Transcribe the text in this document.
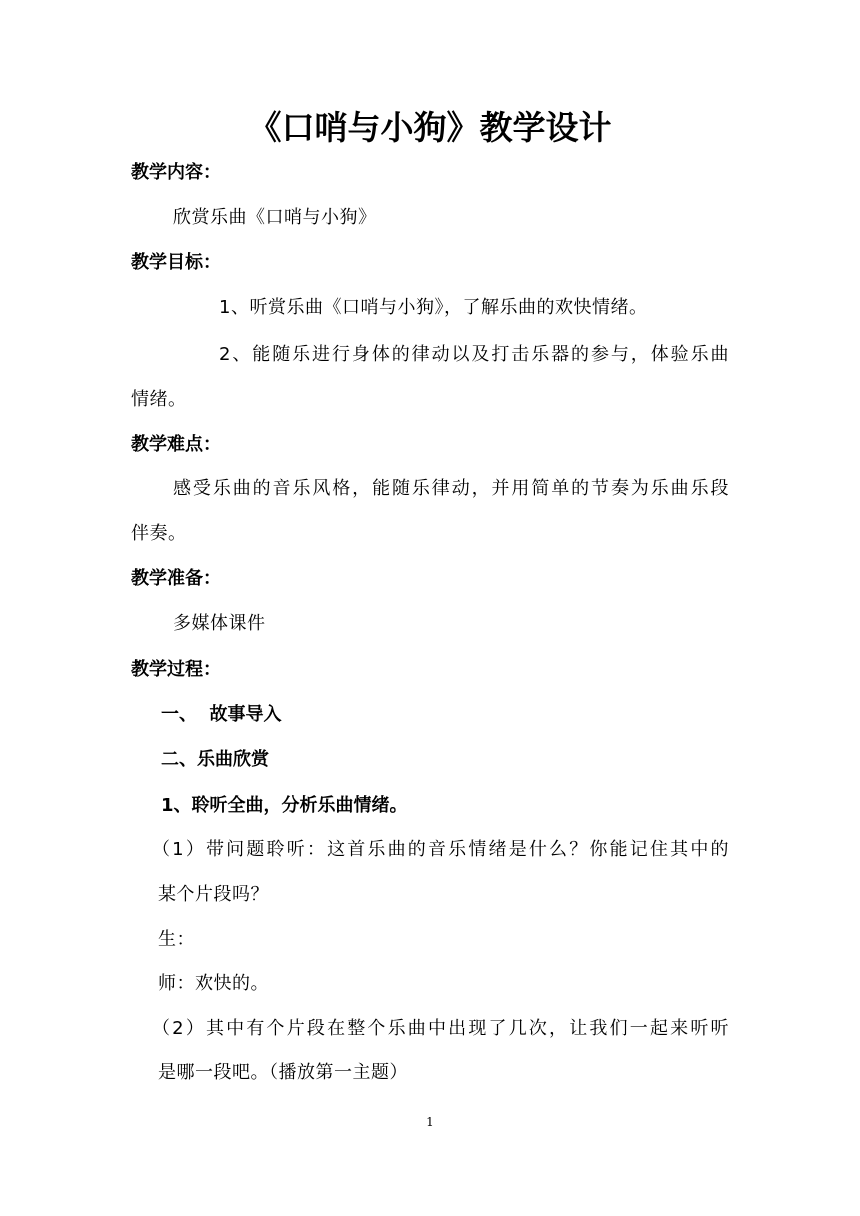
《口哨与小狗》教学设计
教学内容：
欣赏乐曲《口哨与小狗》
教学目标：
1、听赏乐曲《口哨与小狗》，了解乐曲的欢快情绪。
2、能随乐进行身体的律动以及打击乐器的参与，体验乐曲
情绪。
教学难点：
感受乐曲的音乐风格，能随乐律动，并用简单的节奏为乐曲乐段
伴奏。
教学准备：
多媒体课件
教学过程：
一、  故事导入
二、乐曲欣赏
1、聆听全曲，分析乐曲情绪。
（1）带问题聆听：这首乐曲的音乐情绪是什么？你能记住其中的
某个片段吗？
生：
师：欢快的。
（2）其中有个片段在整个乐曲中出现了几次，让我们一起来听听
是哪一段吧。（播放第一主题）
1
